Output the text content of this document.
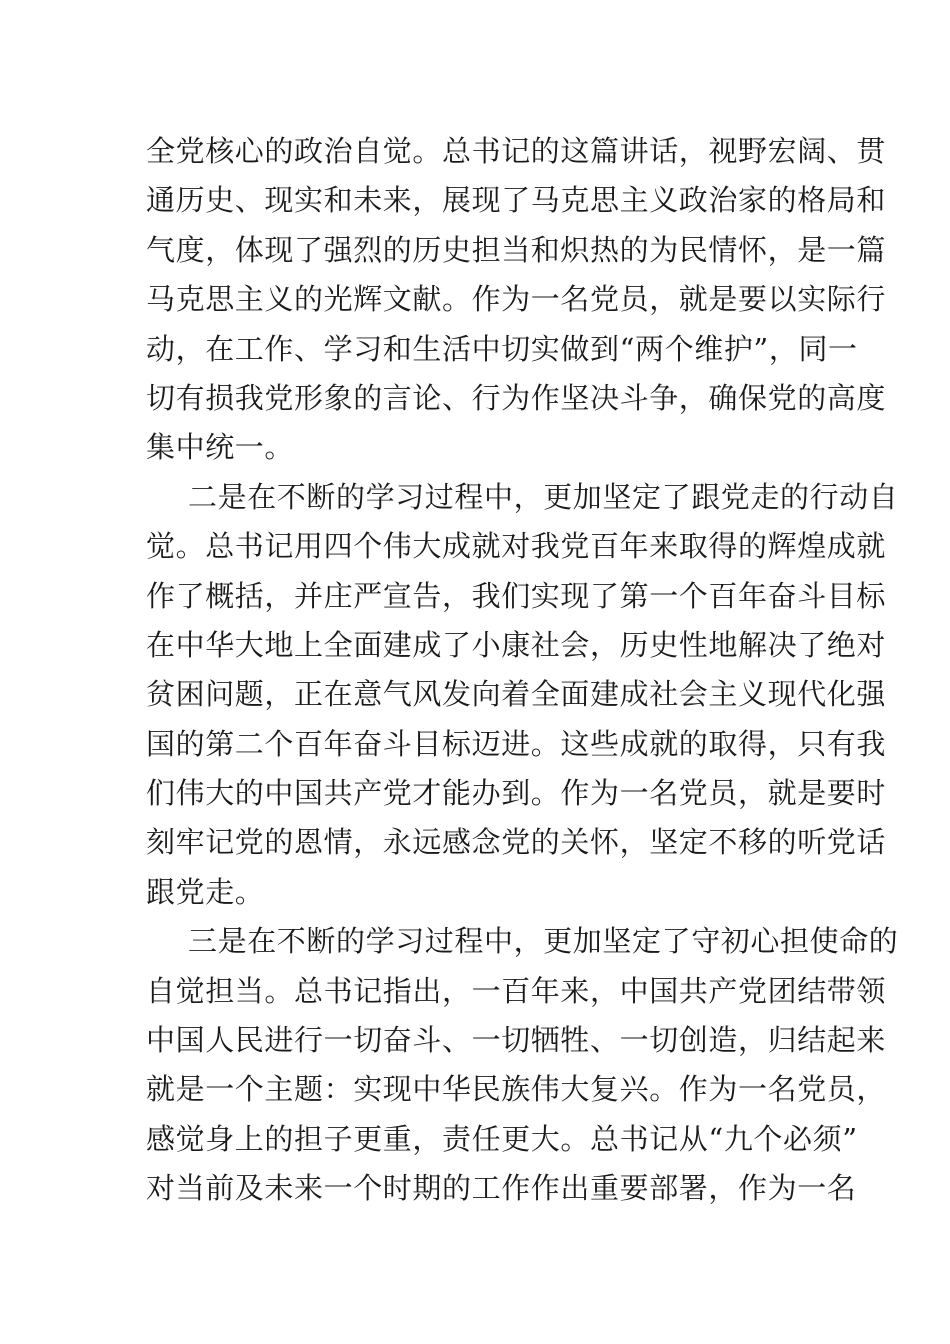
全党核心的政治自觉。总书记的这篇讲话，视野宏阔、贯
通历史、现实和未来，展现了马克思主义政治家的格局和
气度，体现了强烈的历史担当和炽热的为民情怀，是一篇
马克思主义的光辉文献。作为一名党员，就是要以实际行
动，在工作、学习和生活中切实做到“两个维护”，同一
切有损我党形象的言论、行为作坚决斗争，确保党的高度
集中统一。
二是在不断的学习过程中，更加坚定了跟党走的行动自
觉。总书记用四个伟大成就对我党百年来取得的辉煌成就
作了概括，并庄严宣告，我们实现了第一个百年奋斗目标
在中华大地上全面建成了小康社会，历史性地解决了绝对
贫困问题，正在意气风发向着全面建成社会主义现代化强
国的第二个百年奋斗目标迈进。这些成就的取得，只有我
们伟大的中国共产党才能办到。作为一名党员，就是要时
刻牢记党的恩情，永远感念党的关怀，坚定不移的听党话
跟党走。
三是在不断的学习过程中，更加坚定了守初心担使命的
自觉担当。总书记指出，一百年来，中国共产党团结带领
中国人民进行一切奋斗、一切牺牲、一切创造，归结起来
就是一个主题：实现中华民族伟大复兴。作为一名党员，
感觉身上的担子更重，责任更大。总书记从“九个必须”
对当前及未来一个时期的工作作出重要部署，作为一名
